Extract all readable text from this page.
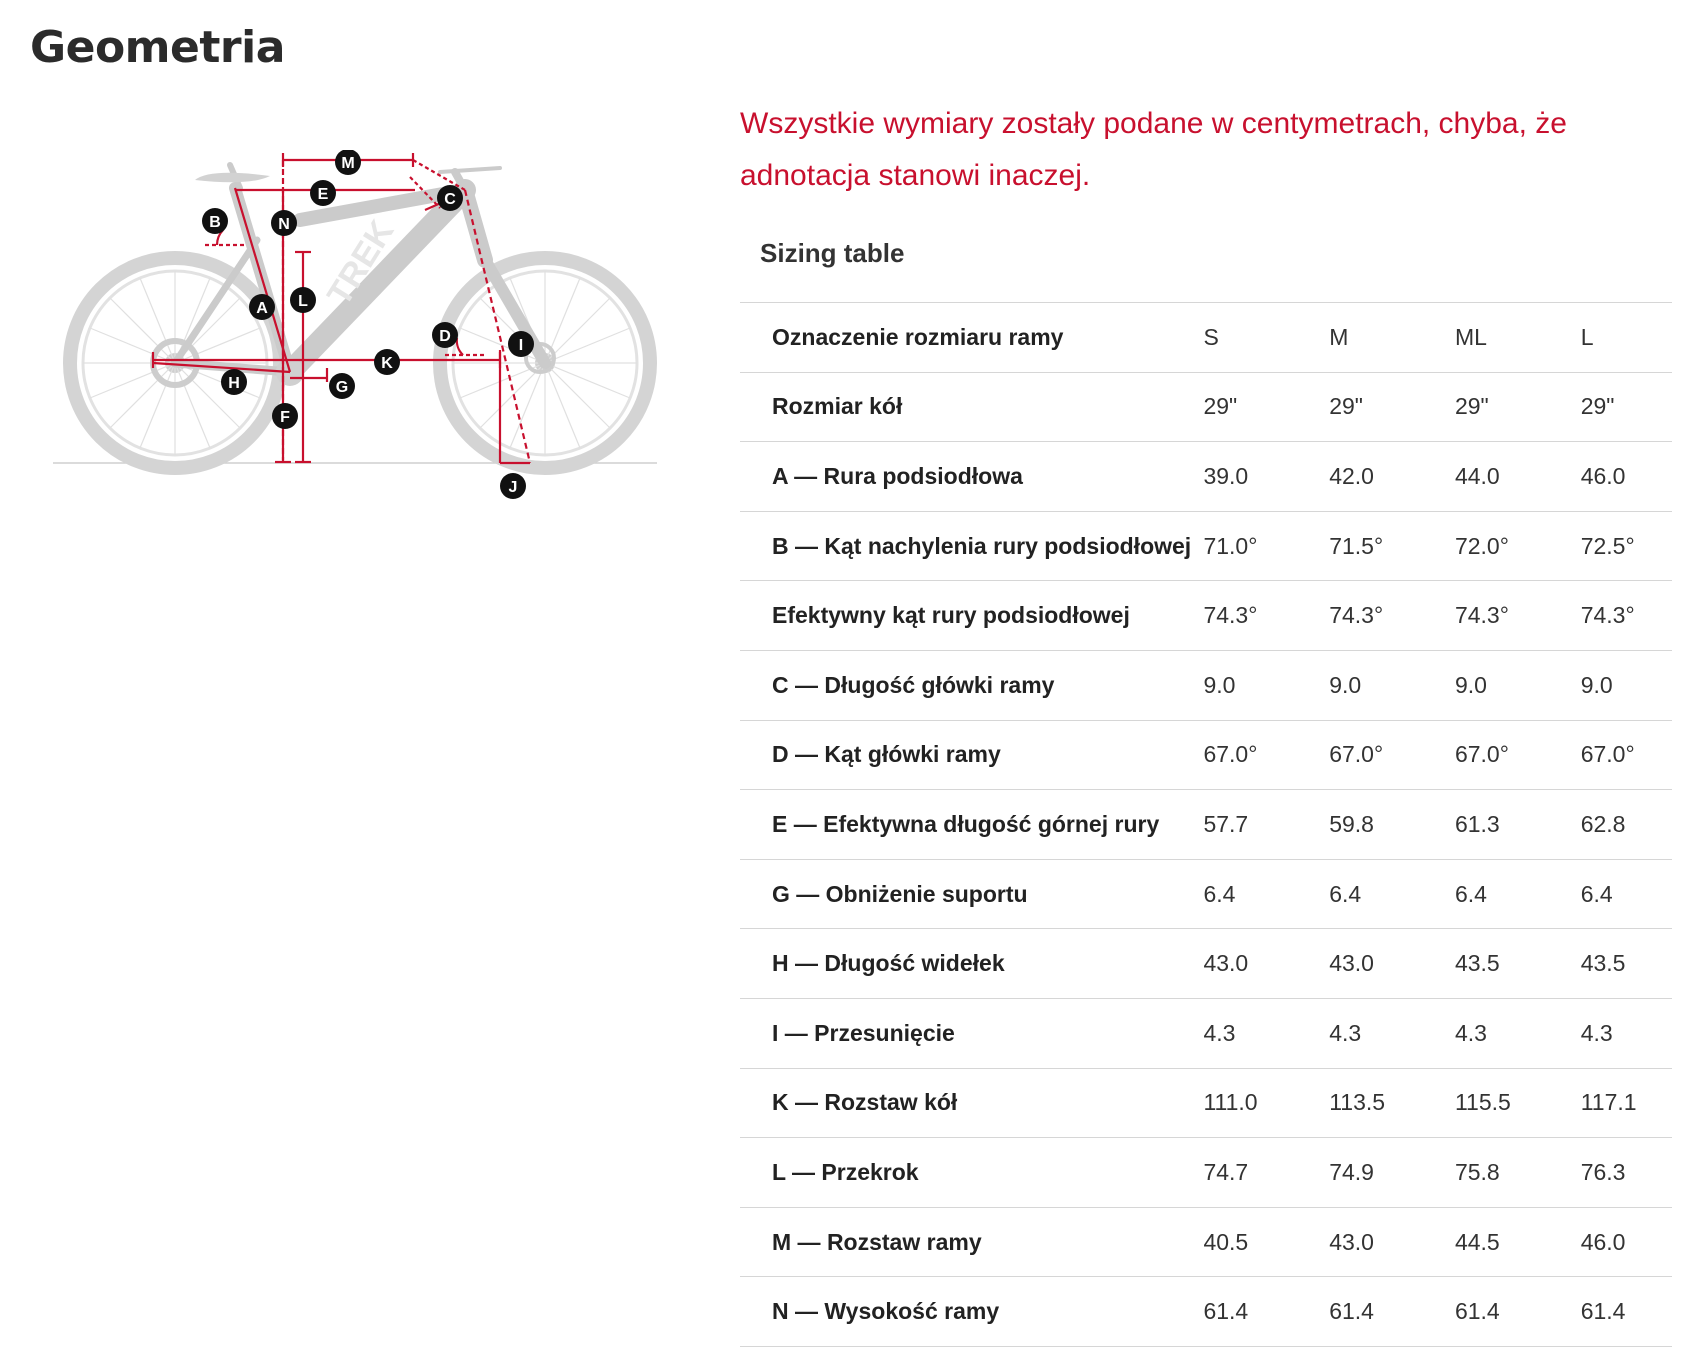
Geometria
TREK
M
E	C
B	N
L
A
D
I
K
H	G
F
J

Wszystkie wymiary zostały podane w centymetrach, chyba, że adnotacja stanowi inaczej.

Sizing table
Oznaczenie rozmiaru ramy	S	M	ML	L
Rozmiar kół	29"	29"	29"	29"
A — Rura podsiodłowa	39.0	42.0	44.0	46.0
B — Kąt nachylenia rury podsiodłowej	71.0°	71.5°	72.0°	72.5°
Efektywny kąt rury podsiodłowej	74.3°	74.3°	74.3°	74.3°
C — Długość główki ramy	9.0	9.0	9.0	9.0
D — Kąt główki ramy	67.0°	67.0°	67.0°	67.0°
E — Efektywna długość górnej rury	57.7	59.8	61.3	62.8
G — Obniżenie suportu	6.4	6.4	6.4	6.4
H — Długość widełek	43.0	43.0	43.5	43.5
I — Przesunięcie	4.3	4.3	4.3	4.3
K — Rozstaw kół	111.0	113.5	115.5	117.1
L — Przekrok	74.7	74.9	75.8	76.3
M — Rozstaw ramy	40.5	43.0	44.5	46.0
N — Wysokość ramy	61.4	61.4	61.4	61.4
